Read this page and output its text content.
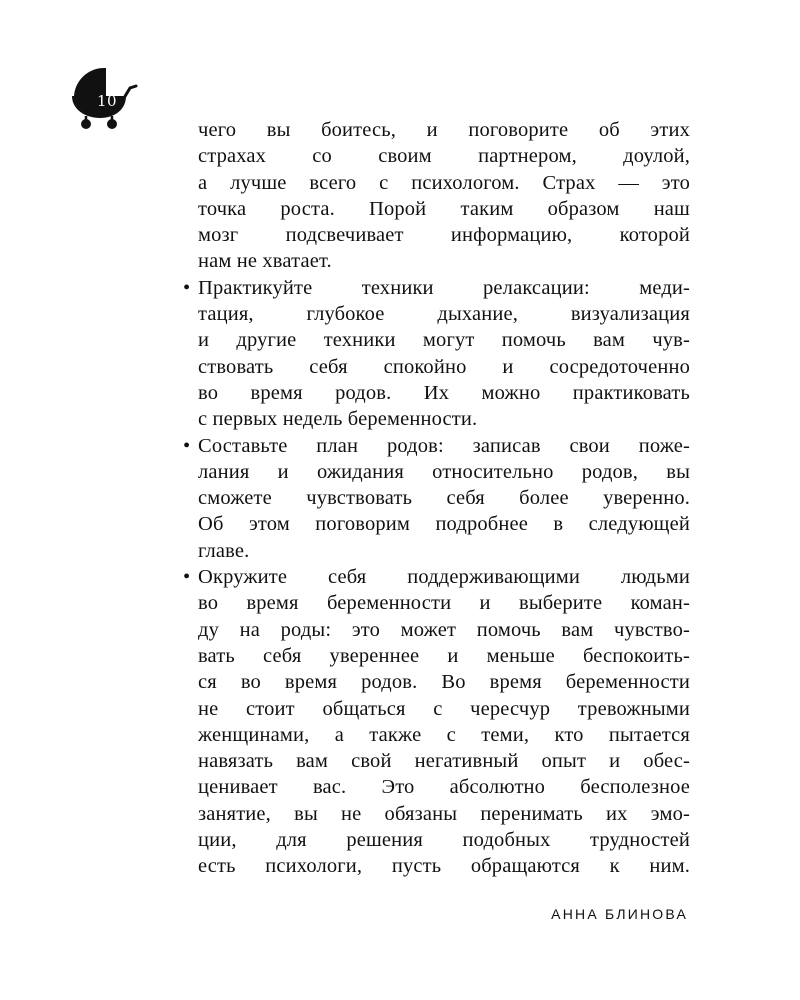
10

чего вы боитесь, и поговорите об этих
страхах со своим партнером, доулой,
а лучше всего с психологом. Страх — это
точка роста. Порой таким образом наш
мозг подсвечивает информацию, которой
нам не хватает.

• Практикуйте техники релаксации: меди-
тация, глубокое дыхание, визуализация
и другие техники могут помочь вам чув-
ствовать себя спокойно и сосредоточенно
во время родов. Их можно практиковать
с первых недель беременности.

• Составьте план родов: записав свои поже-
лания и ожидания относительно родов, вы
сможете чувствовать себя более уверенно.
Об этом поговорим подробнее в следующей
главе.

• Окружите себя поддерживающими людьми
во время беременности и выберите коман-
ду на роды: это может помочь вам чувство-
вать себя увереннее и меньше беспокоить-
ся во время родов. Во время беременности
не стоит общаться с чересчур тревожными
женщинами, а также с теми, кто пытается
навязать вам свой негативный опыт и обес-
ценивает вас. Это абсолютно бесполезное
занятие, вы не обязаны перенимать их эмо-
ции, для решения подобных трудностей
есть психологи, пусть обращаются к ним.

АННА БЛИНОВА
